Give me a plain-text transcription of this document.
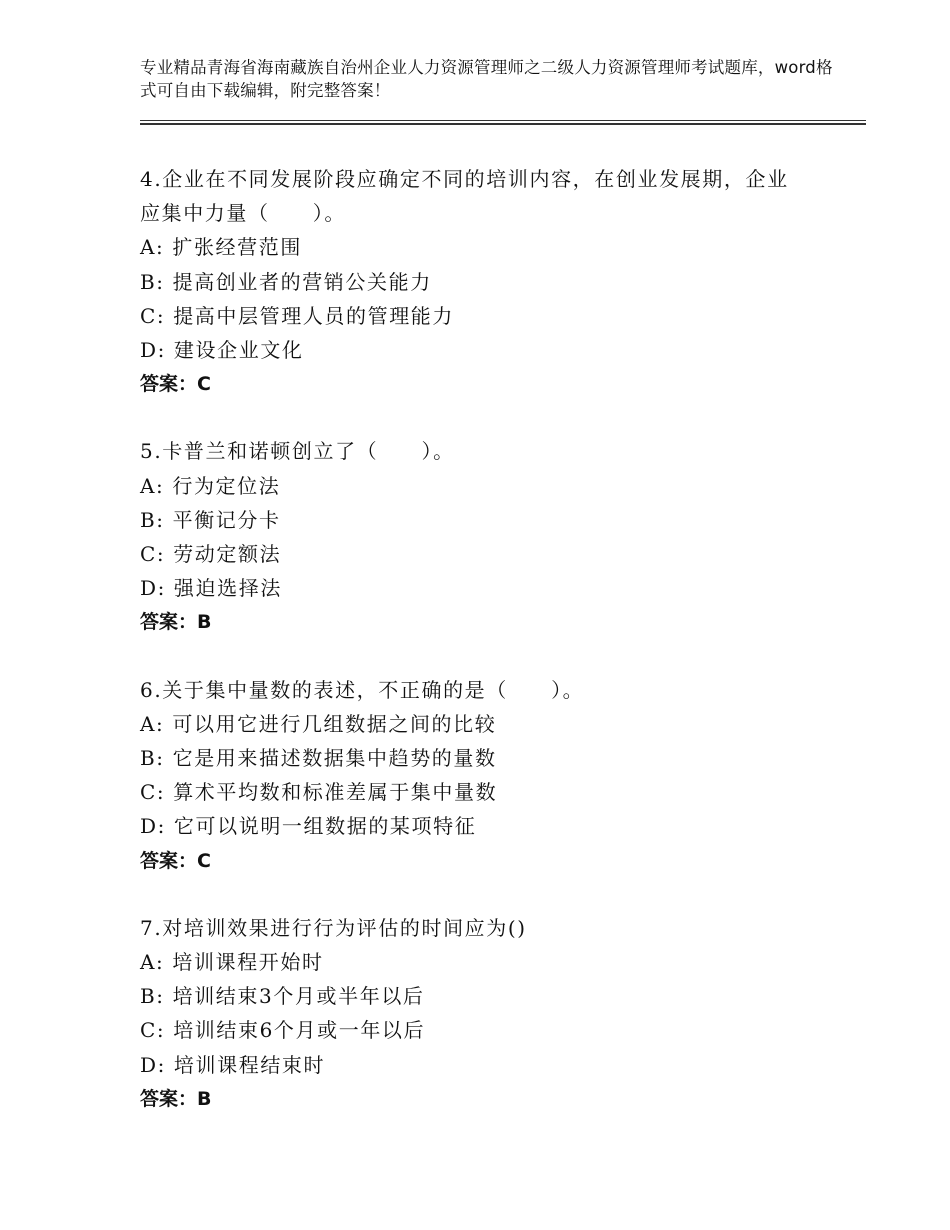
专业精品青海省海南藏族自治州企业人力资源管理师之二级人力资源管理师考试题库，word格式可自由下载编辑，附完整答案！
4.企业在不同发展阶段应确定不同的培训内容，在创业发展期，企业应集中力量（　　）。
A: 扩张经营范围
B: 提高创业者的营销公关能力
C: 提高中层管理人员的管理能力
D: 建设企业文化
答案：C
5.卡普兰和诺顿创立了（　　）。
A: 行为定位法
B: 平衡记分卡
C: 劳动定额法
D: 强迫选择法
答案：B
6.关于集中量数的表述，不正确的是（　　）。
A: 可以用它进行几组数据之间的比较
B: 它是用来描述数据集中趋势的量数
C: 算术平均数和标准差属于集中量数
D: 它可以说明一组数据的某项特征
答案：C
7.对培训效果进行行为评估的时间应为()
A: 培训课程开始时
B: 培训结束3个月或半年以后
C: 培训结束6个月或一年以后
D: 培训课程结束时
答案：B
